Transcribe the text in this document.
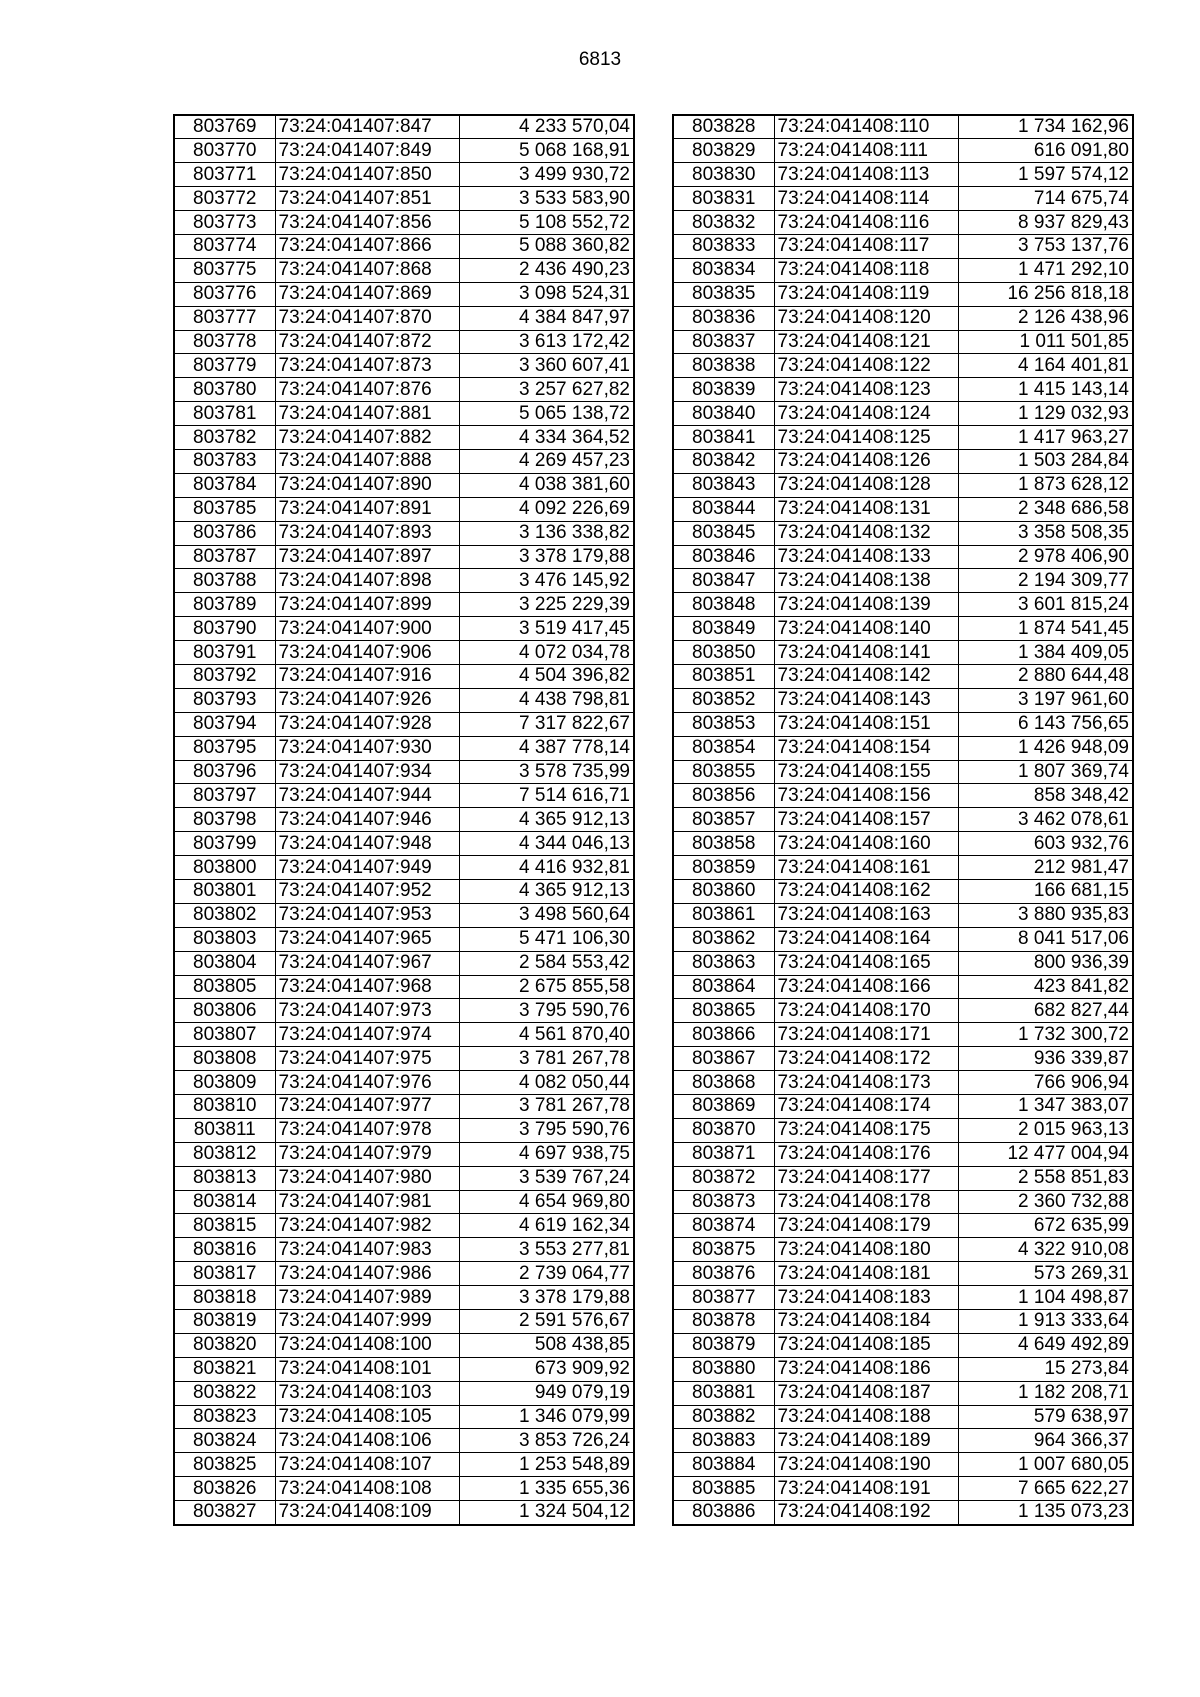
6813
803769	73:24:041407:847	4 233 570,04
803770	73:24:041407:849	5 068 168,91
803771	73:24:041407:850	3 499 930,72
803772	73:24:041407:851	3 533 583,90
803773	73:24:041407:856	5 108 552,72
803774	73:24:041407:866	5 088 360,82
803775	73:24:041407:868	2 436 490,23
803776	73:24:041407:869	3 098 524,31
803777	73:24:041407:870	4 384 847,97
803778	73:24:041407:872	3 613 172,42
803779	73:24:041407:873	3 360 607,41
803780	73:24:041407:876	3 257 627,82
803781	73:24:041407:881	5 065 138,72
803782	73:24:041407:882	4 334 364,52
803783	73:24:041407:888	4 269 457,23
803784	73:24:041407:890	4 038 381,60
803785	73:24:041407:891	4 092 226,69
803786	73:24:041407:893	3 136 338,82
803787	73:24:041407:897	3 378 179,88
803788	73:24:041407:898	3 476 145,92
803789	73:24:041407:899	3 225 229,39
803790	73:24:041407:900	3 519 417,45
803791	73:24:041407:906	4 072 034,78
803792	73:24:041407:916	4 504 396,82
803793	73:24:041407:926	4 438 798,81
803794	73:24:041407:928	7 317 822,67
803795	73:24:041407:930	4 387 778,14
803796	73:24:041407:934	3 578 735,99
803797	73:24:041407:944	7 514 616,71
803798	73:24:041407:946	4 365 912,13
803799	73:24:041407:948	4 344 046,13
803800	73:24:041407:949	4 416 932,81
803801	73:24:041407:952	4 365 912,13
803802	73:24:041407:953	3 498 560,64
803803	73:24:041407:965	5 471 106,30
803804	73:24:041407:967	2 584 553,42
803805	73:24:041407:968	2 675 855,58
803806	73:24:041407:973	3 795 590,76
803807	73:24:041407:974	4 561 870,40
803808	73:24:041407:975	3 781 267,78
803809	73:24:041407:976	4 082 050,44
803810	73:24:041407:977	3 781 267,78
803811	73:24:041407:978	3 795 590,76
803812	73:24:041407:979	4 697 938,75
803813	73:24:041407:980	3 539 767,24
803814	73:24:041407:981	4 654 969,80
803815	73:24:041407:982	4 619 162,34
803816	73:24:041407:983	3 553 277,81
803817	73:24:041407:986	2 739 064,77
803818	73:24:041407:989	3 378 179,88
803819	73:24:041407:999	2 591 576,67
803820	73:24:041408:100	508 438,85
803821	73:24:041408:101	673 909,92
803822	73:24:041408:103	949 079,19
803823	73:24:041408:105	1 346 079,99
803824	73:24:041408:106	3 853 726,24
803825	73:24:041408:107	1 253 548,89
803826	73:24:041408:108	1 335 655,36
803827	73:24:041408:109	1 324 504,12
803828	73:24:041408:110	1 734 162,96
803829	73:24:041408:111	616 091,80
803830	73:24:041408:113	1 597 574,12
803831	73:24:041408:114	714 675,74
803832	73:24:041408:116	8 937 829,43
803833	73:24:041408:117	3 753 137,76
803834	73:24:041408:118	1 471 292,10
803835	73:24:041408:119	16 256 818,18
803836	73:24:041408:120	2 126 438,96
803837	73:24:041408:121	1 011 501,85
803838	73:24:041408:122	4 164 401,81
803839	73:24:041408:123	1 415 143,14
803840	73:24:041408:124	1 129 032,93
803841	73:24:041408:125	1 417 963,27
803842	73:24:041408:126	1 503 284,84
803843	73:24:041408:128	1 873 628,12
803844	73:24:041408:131	2 348 686,58
803845	73:24:041408:132	3 358 508,35
803846	73:24:041408:133	2 978 406,90
803847	73:24:041408:138	2 194 309,77
803848	73:24:041408:139	3 601 815,24
803849	73:24:041408:140	1 874 541,45
803850	73:24:041408:141	1 384 409,05
803851	73:24:041408:142	2 880 644,48
803852	73:24:041408:143	3 197 961,60
803853	73:24:041408:151	6 143 756,65
803854	73:24:041408:154	1 426 948,09
803855	73:24:041408:155	1 807 369,74
803856	73:24:041408:156	858 348,42
803857	73:24:041408:157	3 462 078,61
803858	73:24:041408:160	603 932,76
803859	73:24:041408:161	212 981,47
803860	73:24:041408:162	166 681,15
803861	73:24:041408:163	3 880 935,83
803862	73:24:041408:164	8 041 517,06
803863	73:24:041408:165	800 936,39
803864	73:24:041408:166	423 841,82
803865	73:24:041408:170	682 827,44
803866	73:24:041408:171	1 732 300,72
803867	73:24:041408:172	936 339,87
803868	73:24:041408:173	766 906,94
803869	73:24:041408:174	1 347 383,07
803870	73:24:041408:175	2 015 963,13
803871	73:24:041408:176	12 477 004,94
803872	73:24:041408:177	2 558 851,83
803873	73:24:041408:178	2 360 732,88
803874	73:24:041408:179	672 635,99
803875	73:24:041408:180	4 322 910,08
803876	73:24:041408:181	573 269,31
803877	73:24:041408:183	1 104 498,87
803878	73:24:041408:184	1 913 333,64
803879	73:24:041408:185	4 649 492,89
803880	73:24:041408:186	15 273,84
803881	73:24:041408:187	1 182 208,71
803882	73:24:041408:188	579 638,97
803883	73:24:041408:189	964 366,37
803884	73:24:041408:190	1 007 680,05
803885	73:24:041408:191	7 665 622,27
803886	73:24:041408:192	1 135 073,23
